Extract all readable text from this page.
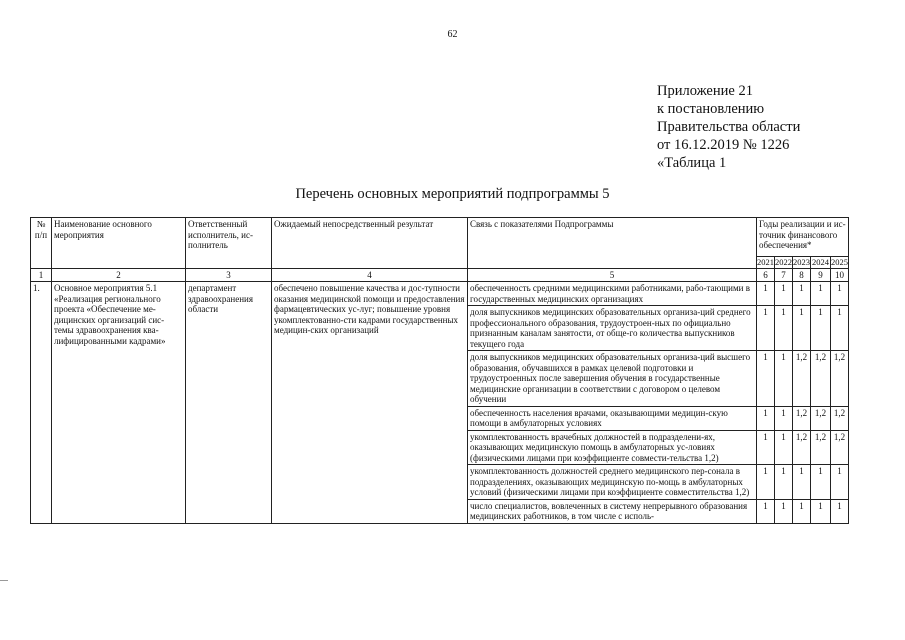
62
Приложение 21
к постановлению
Правительства области
от 16.12.2019 № 1226
«Таблица 1
Перечень основных мероприятий подпрограммы 5
№ п/п	Наименование основного мероприятия	Ответственный исполнитель, ис-полнитель	Ожидаемый непосредственный результат	Связь с показателями Подпрограммы	Годы реализации и ис-точник финансового обеспечения*				
					2021	2022	2023	2024	2025
1	2	3	4	5	6	7	8	9	10
1.	Основное мероприятия 5.1 «Реализация регионального проекта «Обеспечение ме-дицинских организаций сис-темы здравоохранения ква-лифицированными кадрами»	департамент здравоохранения области	обеспечено повышение качества и дос-тупности оказания медицинской помощи и предоставления фармацевтических ус-луг; повышение уровня укомплектованно-сти кадрами государственных медицин-ских организаций	обеспеченность средними медицинскими работниками, рабо-тающими в государственных медицинских организациях	1	1	1	1	1
				доля выпускников медицинских образовательных организа-ций среднего профессионального образования, трудоустроен-ных по официально признанным каналам занятости, от обще-го количества выпускников текущего года	1	1	1	1	1
				доля выпускников медицинских образовательных организа-ций высшего образования, обучавшихся в рамках целевой подготовки и трудоустроенных после завершения обучения в государственные медицинские организации в соответствии с договором о целевом обучении	1	1	1,2	1,2	1,2
				обеспеченность населения врачами, оказывающими медицин-скую помощи в амбулаторных условиях	1	1	1,2	1,2	1,2
				укомплектованность врачебных должностей в подразделени-ях, оказывающих медицинскую помощь в амбулаторных ус-ловиях (физическими лицами при коэффициенте совмести-тельства 1,2)	1	1	1,2	1,2	1,2
				укомплектованность должностей среднего медицинского пер-сонала в подразделениях, оказывающих медицинскую по-мощь в амбулаторных условий (физическими лицами при коэффициенте совместительства 1,2)	1	1	1	1	1
				число специалистов, вовлеченных в систему непрерывного образования медицинских работников, в том числе с исполь-	1	1	1	1	1
